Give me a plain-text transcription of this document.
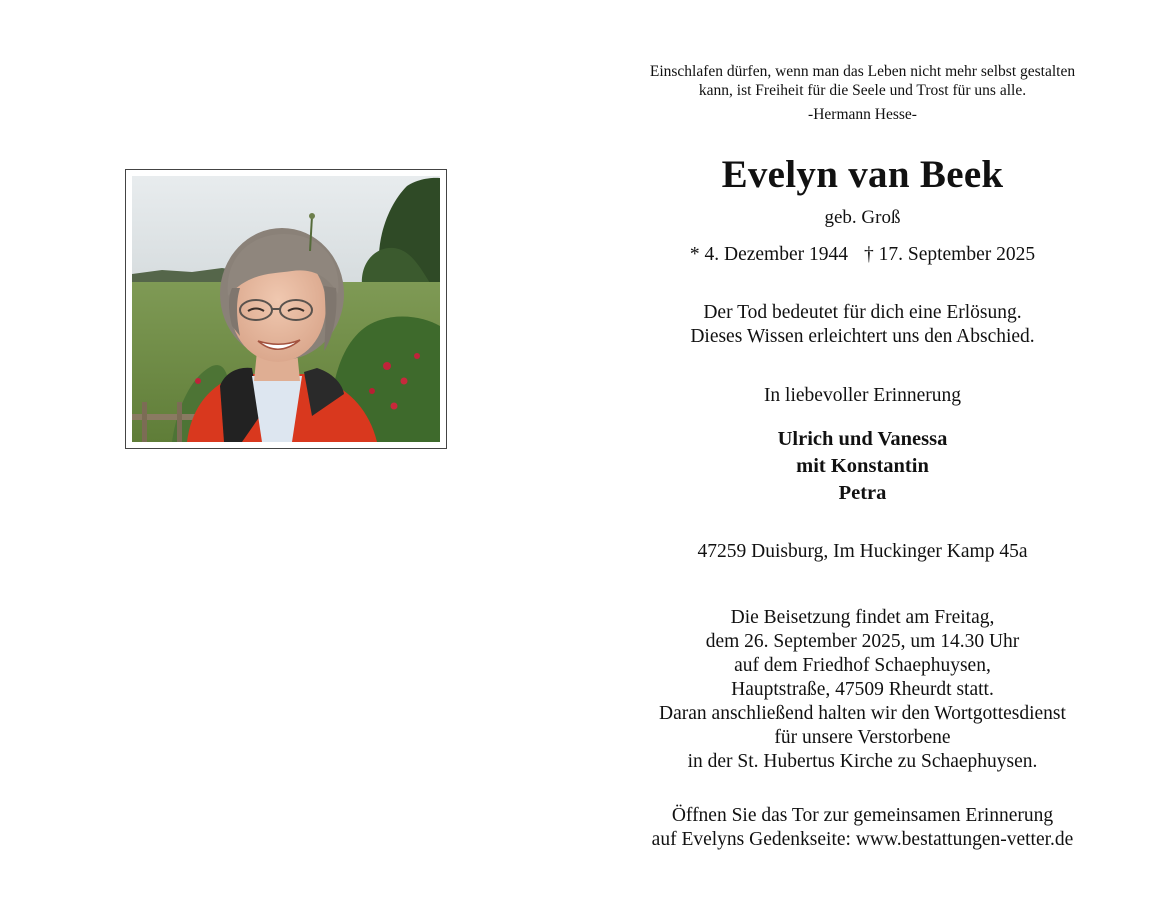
Einschlafen dürfen, wenn man das Leben nicht mehr selbst gestalten
kann, ist Freiheit für die Seele und Trost für uns alle.
-Hermann Hesse-
Evelyn van Beek
geb. Groß
* 4. Dezember 1944 † 17. September 2025
Der Tod bedeutet für dich eine Erlösung.
Dieses Wissen erleichtert uns den Abschied.
In liebevoller Erinnerung
Ulrich und Vanessa
mit Konstantin
Petra
47259 Duisburg, Im Huckinger Kamp 45a
Die Beisetzung findet am Freitag,
dem 26. September 2025, um 14.30 Uhr
auf dem Friedhof Schaephuysen,
Hauptstraße, 47509 Rheurdt statt.
Daran anschließend halten wir den Wortgottesdienst
für unsere Verstorbene
in der St. Hubertus Kirche zu Schaephuysen.
Öffnen Sie das Tor zur gemeinsamen Erinnerung
auf Evelyns Gedenkseite: www.bestattungen-vetter.de
